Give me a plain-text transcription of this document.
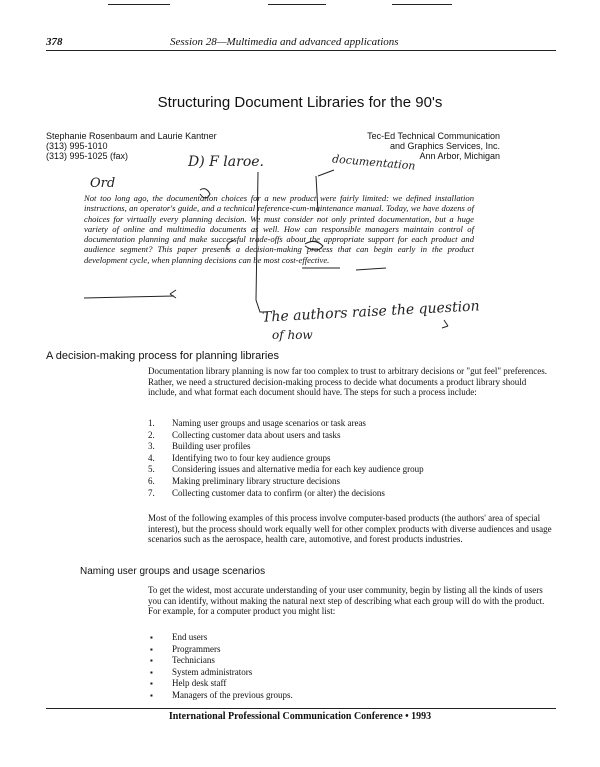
378	Session 28—Multimedia and advanced applications
Structuring Document Libraries for the 90's
Stephanie Rosenbaum and Laurie Kantner
(313) 995-1010
(313) 995-1025 (fax)
Tec-Ed Technical Communication
and Graphics Services, Inc.
Ann Arbor, Michigan
Not too long ago, the documentation choices for a new product were fairly limited: we defined installation instructions, an operator's guide, and a technical reference-cum-maintenance manual. Today, we have dozens of choices for virtually every planning decision. We must consider not only printed documentation, but a huge variety of online and multimedia documents as well. How can responsible managers maintain control of documentation planning and make successful trade-offs about the appropriate support for each product and audience segment? This paper presents a decision-making process that can begin early in the product development cycle, when planning decisions can be most cost-effective.
Ord
D) F laroe.	documentation
The authors raise the question
of how
A decision-making process for planning libraries
Documentation library planning is now far too complex to trust to arbitrary decisions or "gut feel" preferences. Rather, we need a structured decision-making process to decide what documents a product library should include, and what format each document should have. The steps for such a process include:
1. Naming user groups and usage scenarios or task areas
2. Collecting customer data about users and tasks
3. Building user profiles
4. Identifying two to four key audience groups
5. Considering issues and alternative media for each key audience group
6. Making preliminary library structure decisions
7. Collecting customer data to confirm (or alter) the decisions
Most of the following examples of this process involve computer-based products (the authors' area of special interest), but the process should work equally well for other complex products with diverse audiences and usage scenarios such as the aerospace, health care, automotive, and forest products industries.
Naming user groups and usage scenarios
To get the widest, most accurate understanding of your user community, begin by listing all the kinds of users you can identify, without making the natural next step of describing what each group will do with the product. For example, for a computer product you might list:
▪ End users
▪ Programmers
▪ Technicians
▪ System administrators
▪ Help desk staff
▪ Managers of the previous groups.
International Professional Communication Conference • 1993
